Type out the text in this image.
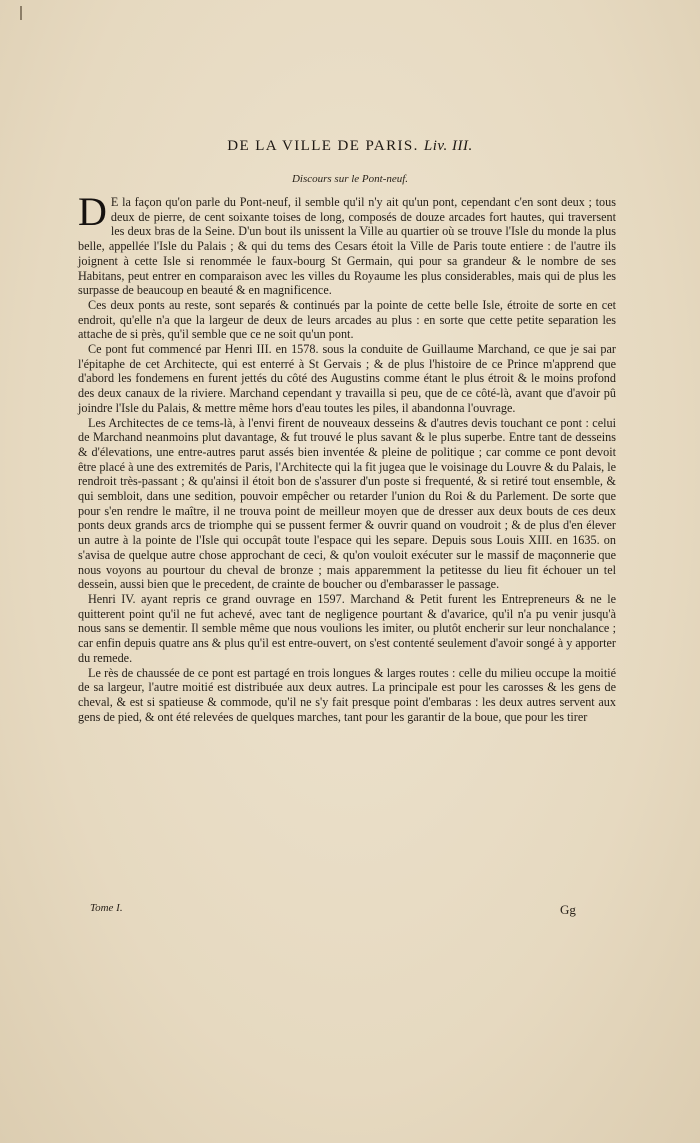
DE LA VILLE DE PARIS. Liv. III.
Discours sur le Pont-neuf.

D E la façon qu'on parle du Pont-neuf, il semble qu'il n'y ait qu'un pont, cependant c'en sont deux ; tous deux de pierre, de cent soixante toises de long, composés de douze arcades fort hautes, qui traversent les deux bras de la Seine. D'un bout ils unissent la Ville au quartier où se trouve l'Isle du monde la plus belle, appellée l'Isle du Palais ; & qui du tems des Cesars étoit la Ville de Paris toute entiere : de l'autre ils joignent à cette Isle si renommée le faux-bourg St Germain, qui pour sa grandeur & le nombre de ses Habitans, peut entrer en comparaison avec les villes du Royaume les plus considerables, mais qui de plus les surpasse de beaucoup en beauté & en magnificence.

Ces deux ponts au reste, sont separés & continués par la pointe de cette belle Isle, étroite de sorte en cet endroit, qu'elle n'a que la largeur de deux de leurs arcades au plus : en sorte que cette petite separation les attache de si près, qu'il semble que ce ne soit qu'un pont.

Ce pont fut commencé par Henri III. en 1578. sous la conduite de Guillaume Marchand, ce que je sai par l'épitaphe de cet Architecte, qui est enterré à St Gervais ; & de plus l'histoire de ce Prince m'apprend que d'abord les fondemens en furent jettés du côté des Augustins comme étant le plus étroit & le moins profond des deux canaux de la riviere. Marchand cependant y travailla si peu, que de ce côté-là, avant que d'avoir pû joindre l'Isle du Palais, & mettre même hors d'eau toutes les piles, il abandonna l'ouvrage.

Les Architectes de ce tems-là, à l'envi firent de nouveaux desseins & d'autres devis touchant ce pont : celui de Marchand neanmoins plut davantage, & fut trouvé le plus savant & le plus superbe. Entre tant de desseins & d'élevations, une entre-autres parut assés bien inventée & pleine de politique ; car comme ce pont devoit être placé à une des extremités de Paris, l'Architecte qui la fit jugea que le voisinage du Louvre & du Palais, le rendroit très-passant ; & qu'ainsi il étoit bon de s'assurer d'un poste si frequenté, & si retiré tout ensemble, & qui sembloit, dans une sedition, pouvoir empêcher ou retarder l'union du Roi & du Parlement. De sorte que pour s'en rendre le maître, il ne trouva point de meilleur moyen que de dresser aux deux bouts de ces deux ponts deux grands arcs de triomphe qui se pussent fermer & ouvrir quand on voudroit ; & de plus d'en élever un autre à la pointe de l'Isle qui occupât toute l'espace qui les separe. Depuis sous Louis XIII. en 1635. on s'avisa de quelque autre chose approchant de ceci, & qu'on vouloit exécuter sur le massif de maçonnerie que nous voyons au pourtour du cheval de bronze ; mais apparemment la petitesse du lieu fit échouer un tel dessein, aussi bien que le precedent, de crainte de boucher ou d'embarasser le passage.

Henri IV. ayant repris ce grand ouvrage en 1597. Marchand & Petit furent les Entrepreneurs & ne le quitterent point qu'il ne fut achevé, avec tant de negligence pourtant & d'avarice, qu'il n'a pu venir jusqu'à nous sans se dementir. Il semble même que nous voulions les imiter, ou plutôt encherir sur leur nonchalance ; car enfin depuis quatre ans & plus qu'il est entre-ouvert, on s'est contenté seulement d'avoir songé à y apporter du remede.

Le rès de chaussée de ce pont est partagé en trois longues & larges routes : celle du milieu occupe la moitié de sa largeur, l'autre moitié est distribuée aux deux autres. La principale est pour les carosses & les gens de cheval, & est si spatieuse & commode, qu'il ne s'y fait presque point d'embaras : les deux autres servent aux gens de pied, & ont été relevées de quelques marches, tant pour les garantir de la boue, que pour les tirer

Tome I.	Gg
